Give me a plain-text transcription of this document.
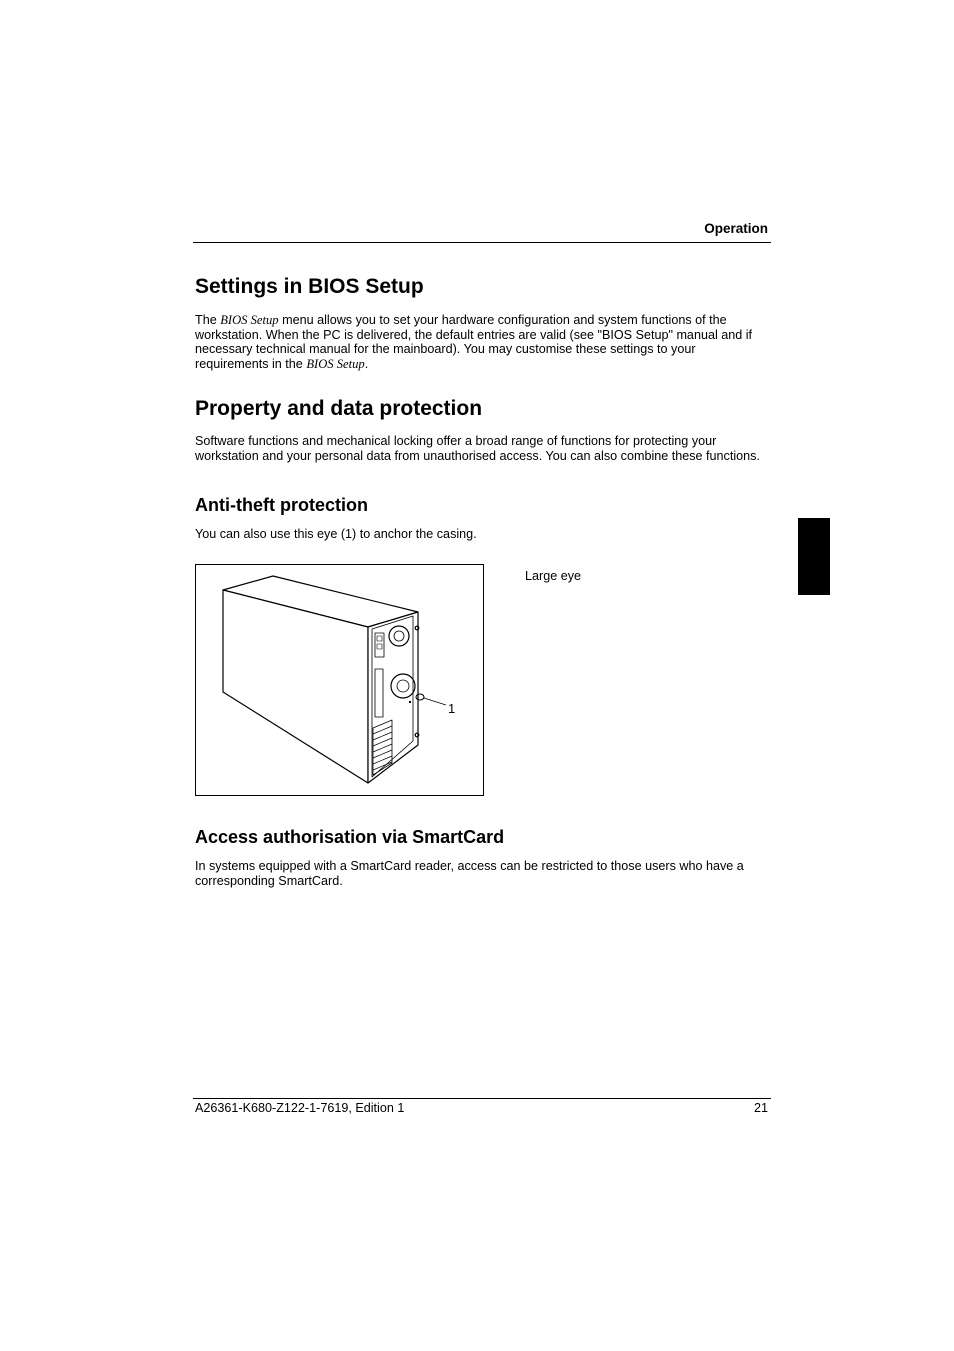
Operation
Settings in BIOS Setup

The BIOS Setup menu allows you to set your hardware configuration and system functions of the workstation. When the PC is delivered, the default entries are valid (see "BIOS Setup" manual and if necessary technical manual for the mainboard). You may customise these settings to your requirements in the BIOS Setup.

Property and data protection

Software functions and mechanical locking offer a broad range of functions for protecting your workstation and your personal data from unauthorised access. You can also combine these functions.

Anti-theft protection

You can also use this eye (1) to anchor the casing.

1
Large eye
Access authorisation via SmartCard

In systems equipped with a SmartCard reader, access can be restricted to those users who have a corresponding SmartCard.

A26361-K680-Z122-1-7619, Edition 1	21
